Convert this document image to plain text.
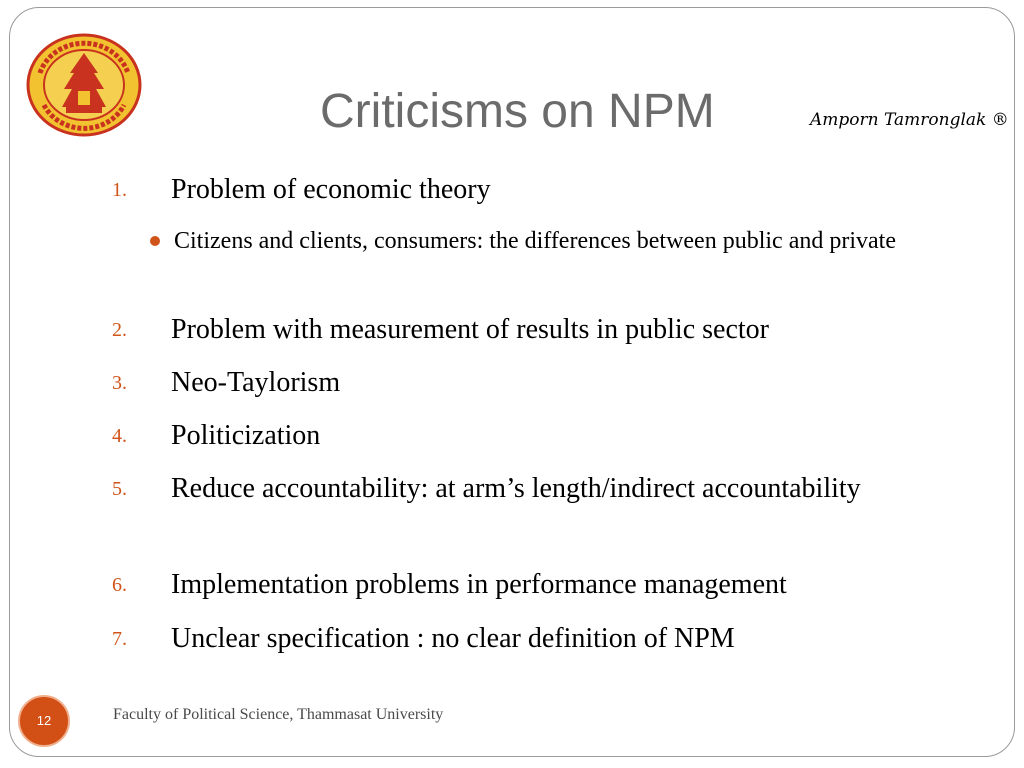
Criticisms on NPM	Amporn Tamronglak ®
1. Problem of economic theory
Citizens and clients, consumers: the differences between public and private
2. Problem with measurement of results in public sector
3. Neo-Taylorism
4. Politicization
5. Reduce accountability: at arm’s length/indirect accountability
6. Implementation problems in performance management
7. Unclear specification : no clear definition of NPM
12	Faculty of Political Science, Thammasat University
